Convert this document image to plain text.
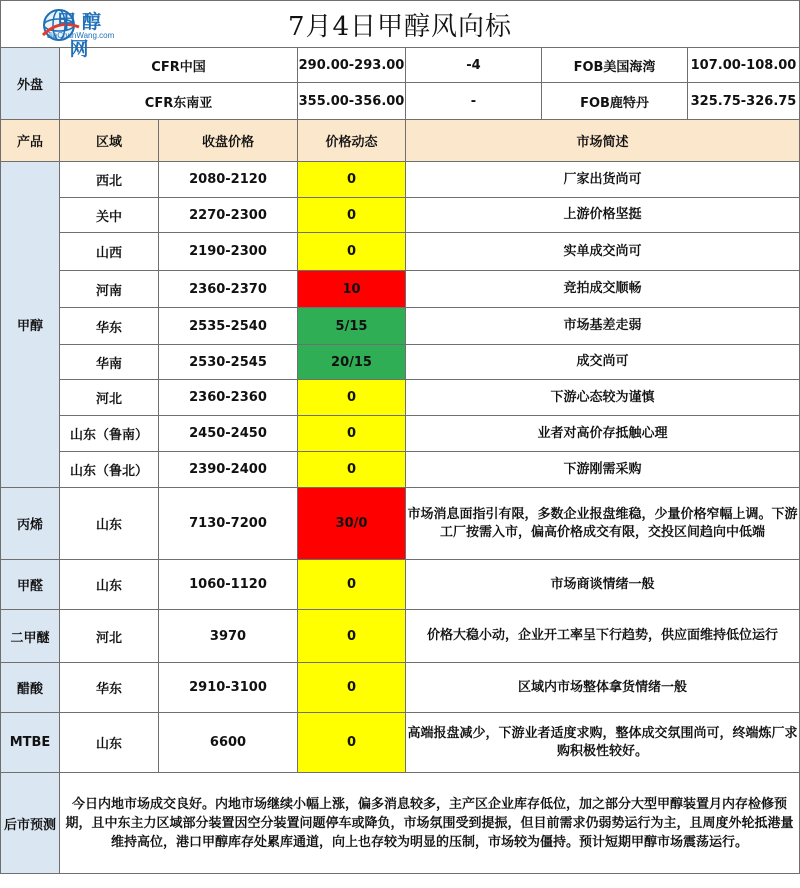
甲醇网
JiaChunWang.com 7月4日甲醇风向标						
外盘	CFR中国	290.00-293.00	-4	FOB美国海湾	107.00-108.00	
	CFR东南亚	355.00-356.00	-	FOB鹿特丹	325.75-326.75	
产品	区域	收盘价格	价格动态	市场简述
甲醇	西北	2080-2120	0	厂家出货尚可
	关中	2270-2300	0	上游价格坚挺
	山西	2190-2300	0	实单成交尚可
	河南	2360-2370	10	竞拍成交顺畅
	华东	2535-2540	5/15	市场基差走弱
	华南	2530-2545	20/15	成交尚可
	河北	2360-2360	0	下游心态较为谨慎
	山东（鲁南）	2450-2450	0	业者对高价存抵触心理
	山东（鲁北）	2390-2400	0	下游刚需采购
丙烯	山东	7130-7200	30/0	市场消息面指引有限，多数企业报盘维稳，少量价格窄幅上调。下游工厂按需入市，偏高价格成交有限，交投区间趋向中低端
甲醛	山东	1060-1120	0	市场商谈情绪一般
二甲醚	河北	3970	0	价格大稳小动，企业开工率呈下行趋势，供应面维持低位运行
醋酸	华东	2910-3100	0	区域内市场整体拿货情绪一般
MTBE	山东	6600	0	高端报盘减少，下游业者适度求购，整体成交氛围尚可，终端炼厂求购积极性较好。
后市预测	今日内地市场成交良好。内地市场继续小幅上涨，偏多消息较多，主产区企业库存低位，加之部分大型甲醇装置月内存检修预期，且中东主力区域部分装置因空分装置问题停车或降负，市场氛围受到提振，但目前需求仍弱势运行为主，且周度外轮抵港量维持高位，港口甲醇库存处累库通道，向上也存较为明显的压制，市场较为僵持。预计短期甲醇市场震荡运行。			
